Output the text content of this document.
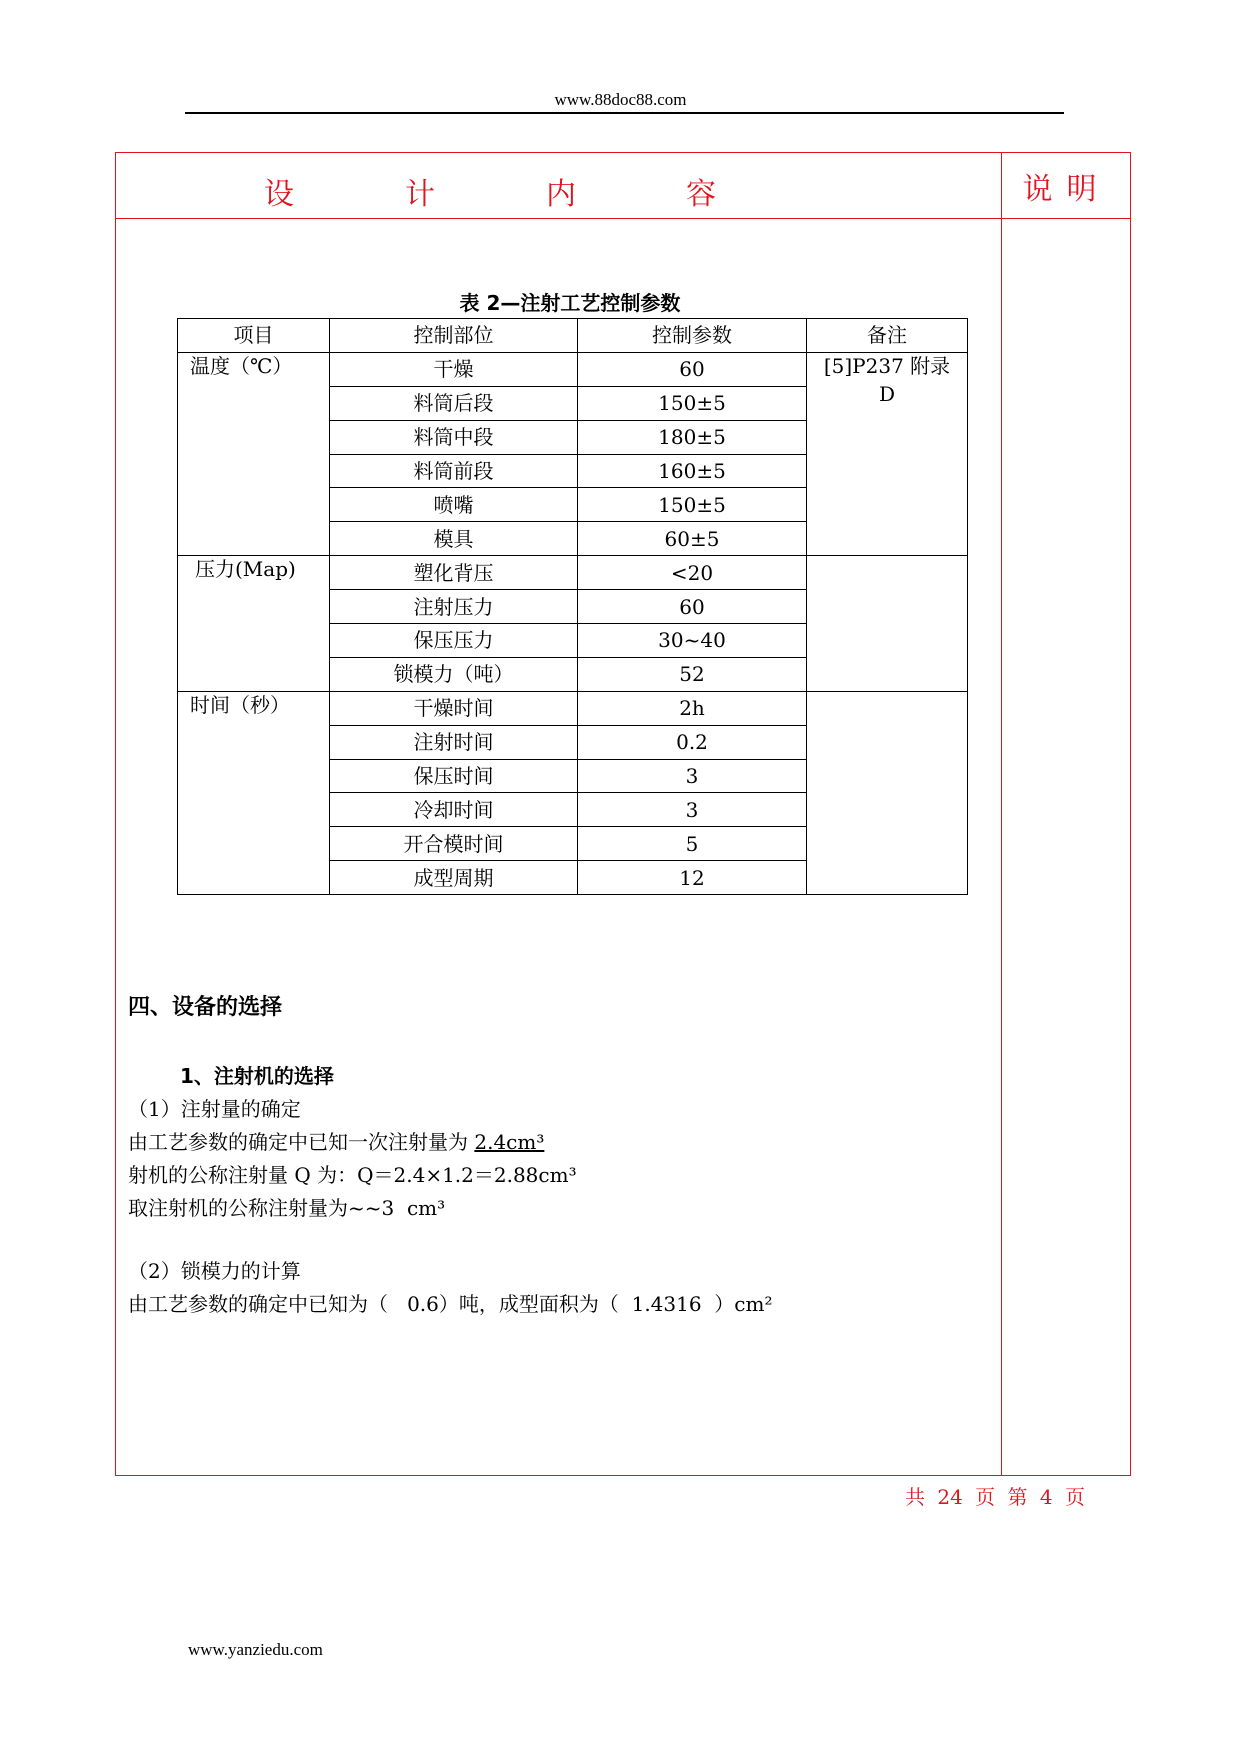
www.88doc88.com
设	计	内	容	说明
表 2—注射工艺控制参数
项目	控制部位	控制参数	备注
温度（℃）	干燥	60	[5]P237 附录
D

	料筒后段	150±5	
	料筒中段	180±5	
	料筒前段	160±5	
	喷嘴	150±5	
	模具	60±5	
压力(Map)	塑化背压	<20	
	注射压力	60	
	保压压力	30~40	
	锁模力（吨）	52	
时间（秒）	干燥时间	2h	
	注射时间	0.2	
	保压时间	3	
	冷却时间	3	
	开合模时间	5	
	成型周期	12	
四、设备的选择
1、注射机的选择
（1）注射量的确定
由工艺参数的确定中已知一次注射量为 2.4cm³
射机的公称注射量 Q 为：Q＝2.4×1.2＝2.88cm³
取注射机的公称注射量为~~3  cm³
（2）锁模力的计算
由工艺参数的确定中已知为（   0.6）吨，成型面积为（  1.4316  ）cm²
共 24 页 第 4 页
www.yanziedu.com
